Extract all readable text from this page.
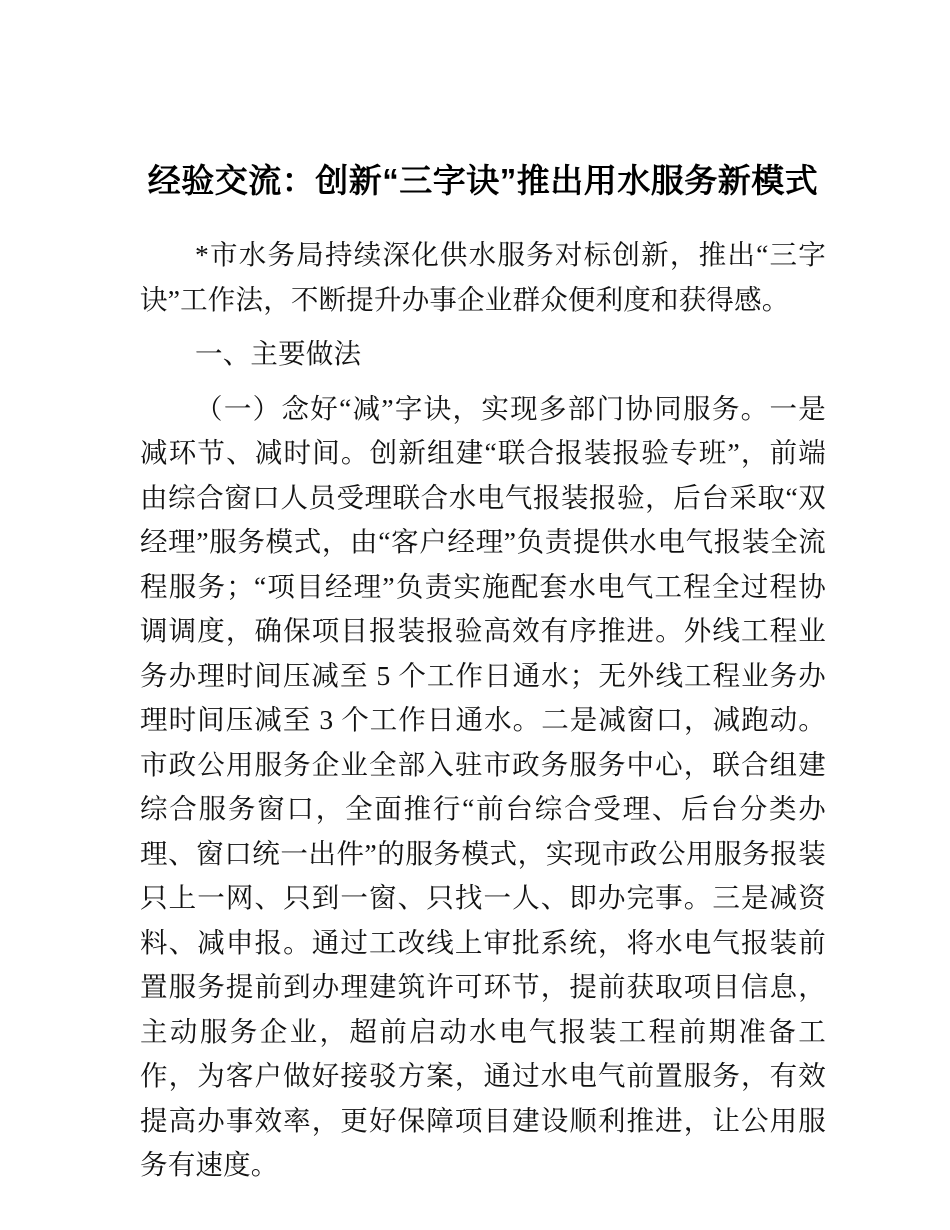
经验交流：创新“三字诀”推出用水服务新模式

*市水务局持续深化供水服务对标创新，推出“三字诀”工作法，不断提升办事企业群众便利度和获得感。

一、主要做法

（一）念好“减”字诀，实现多部门协同服务。一是减环节、减时间。创新组建“联合报装报验专班”，前端由综合窗口人员受理联合水电气报装报验，后台采取“双经理”服务模式，由“客户经理”负责提供水电气报装全流程服务；“项目经理”负责实施配套水电气工程全过程协调调度，确保项目报装报验高效有序推进。外线工程业务办理时间压减至 5 个工作日通水；无外线工程业务办理时间压减至 3 个工作日通水。二是减窗口，减跑动。市政公用服务企业全部入驻市政务服务中心，联合组建综合服务窗口，全面推行“前台综合受理、后台分类办理、窗口统一出件”的服务模式，实现市政公用服务报装只上一网、只到一窗、只找一人、即办完事。三是减资料、减申报。通过工改线上审批系统，将水电气报装前置服务提前到办理建筑许可环节，提前获取项目信息，主动服务企业，超前启动水电气报装工程前期准备工作，为客户做好接驳方案，通过水电气前置服务，有效提高办事效率，更好保障项目建设顺利推进，让公用服务有速度。
